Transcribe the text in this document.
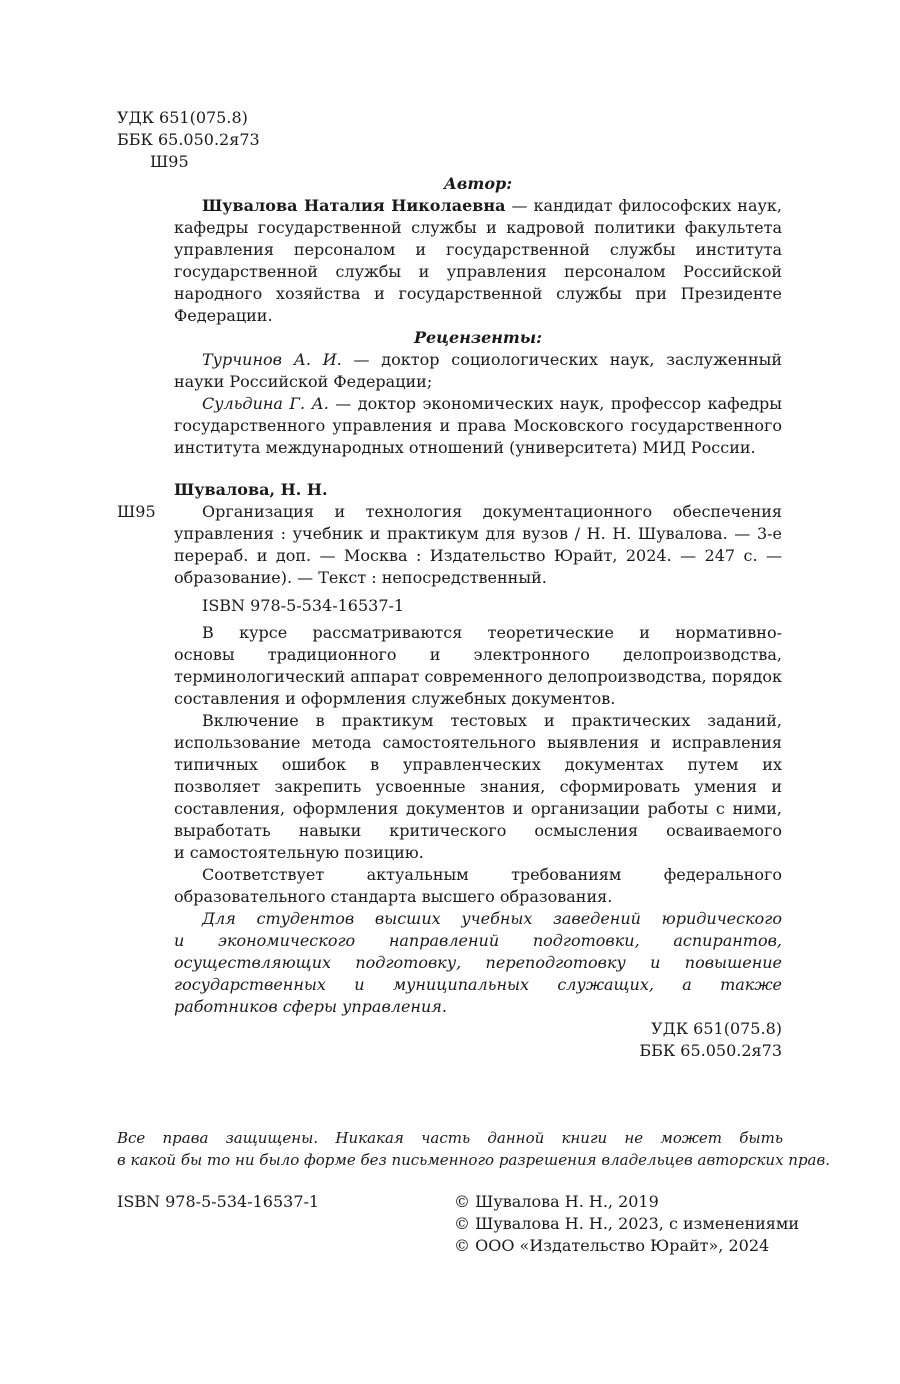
УДК 651(075.8)
ББК 65.050.2я73
Ш95
Автор:
Шувалова Наталия Николаевна — кандидат философских наук,
кафедры государственной службы и кадровой политики факультета
управления персоналом и государственной службы института
государственной службы и управления персоналом Российской
народного хозяйства и государственной службы при Президенте
Федерации.
Рецензенты:
Турчинов А. И. — доктор социологических наук, заслуженный
науки Российской Федерации;
Сульдина Г. А. — доктор экономических наук, профессор кафедры
государственного управления и права Московского государственного
института международных отношений (университета) МИД России.
Шувалова, Н. Н.
Ш95	Организация и технология документационного обеспечения
управления : учебник и практикум для вузов / Н. Н. Шувалова. — 3-е
перераб. и доп. — Москва : Издательство Юрайт, 2024. — 247 с. —
образование). — Текст : непосредственный.
ISBN 978-5-534-16537-1
В курсе рассматриваются теоретические и нормативно-
основы традиционного и электронного делопроизводства,
терминологический аппарат современного делопроизводства, порядок
составления и оформления служебных документов.
Включение в практикум тестовых и практических заданий,
использование метода самостоятельного выявления и исправления
типичных ошибок в управленческих документах путем их
позволяет закрепить усвоенные знания, сформировать умения и
составления, оформления документов и организации работы с ними,
выработать навыки критического осмысления осваиваемого
и самостоятельную позицию.
Соответствует актуальным требованиям федерального
образовательного стандарта высшего образования.
Для студентов высших учебных заведений юридического
и экономического направлений подготовки, аспирантов,
осуществляющих подготовку, переподготовку и повышение
государственных и муниципальных служащих, а также
работников сферы управления.
УДК 651(075.8)
ББК 65.050.2я73
Все права защищены. Никакая часть данной книги не может быть
в какой бы то ни было форме без письменного разрешения владельцев авторских прав.
ISBN 978-5-534-16537-1	© Шувалова Н. Н., 2019
© Шувалова Н. Н., 2023, с изменениями
© ООО «Издательство Юрайт», 2024
